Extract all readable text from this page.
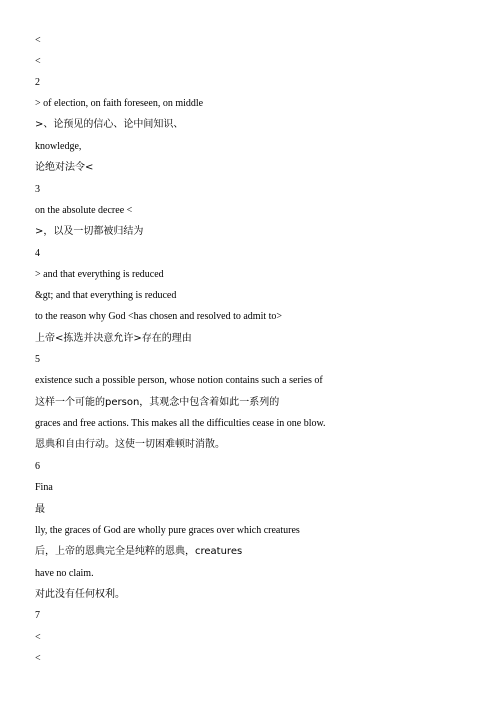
<
<
2
> of election, on faith foreseen, on middle
>、论预见的信心、论中间知识、
knowledge,
论绝对法令<
3
on the absolute decree <
>，以及一切都被归结为
4
> and that everything is reduced
&gt; and that everything is reduced
to the reason why God <has chosen and resolved to admit to>
上帝<拣选并决意允许>存在的理由
5
existence such a possible person, whose notion contains such a series of
这样一个可能的person，其观念中包含着如此一系列的
graces and free actions. This makes all the difficulties cease in one blow.
恩典和自由行动。这使一切困难顿时消散。
6
Fina
最
lly, the graces of God are wholly pure graces over which creatures
后，上帝的恩典完全是纯粹的恩典，creatures
have no claim.
对此没有任何权利。
7
<
<
